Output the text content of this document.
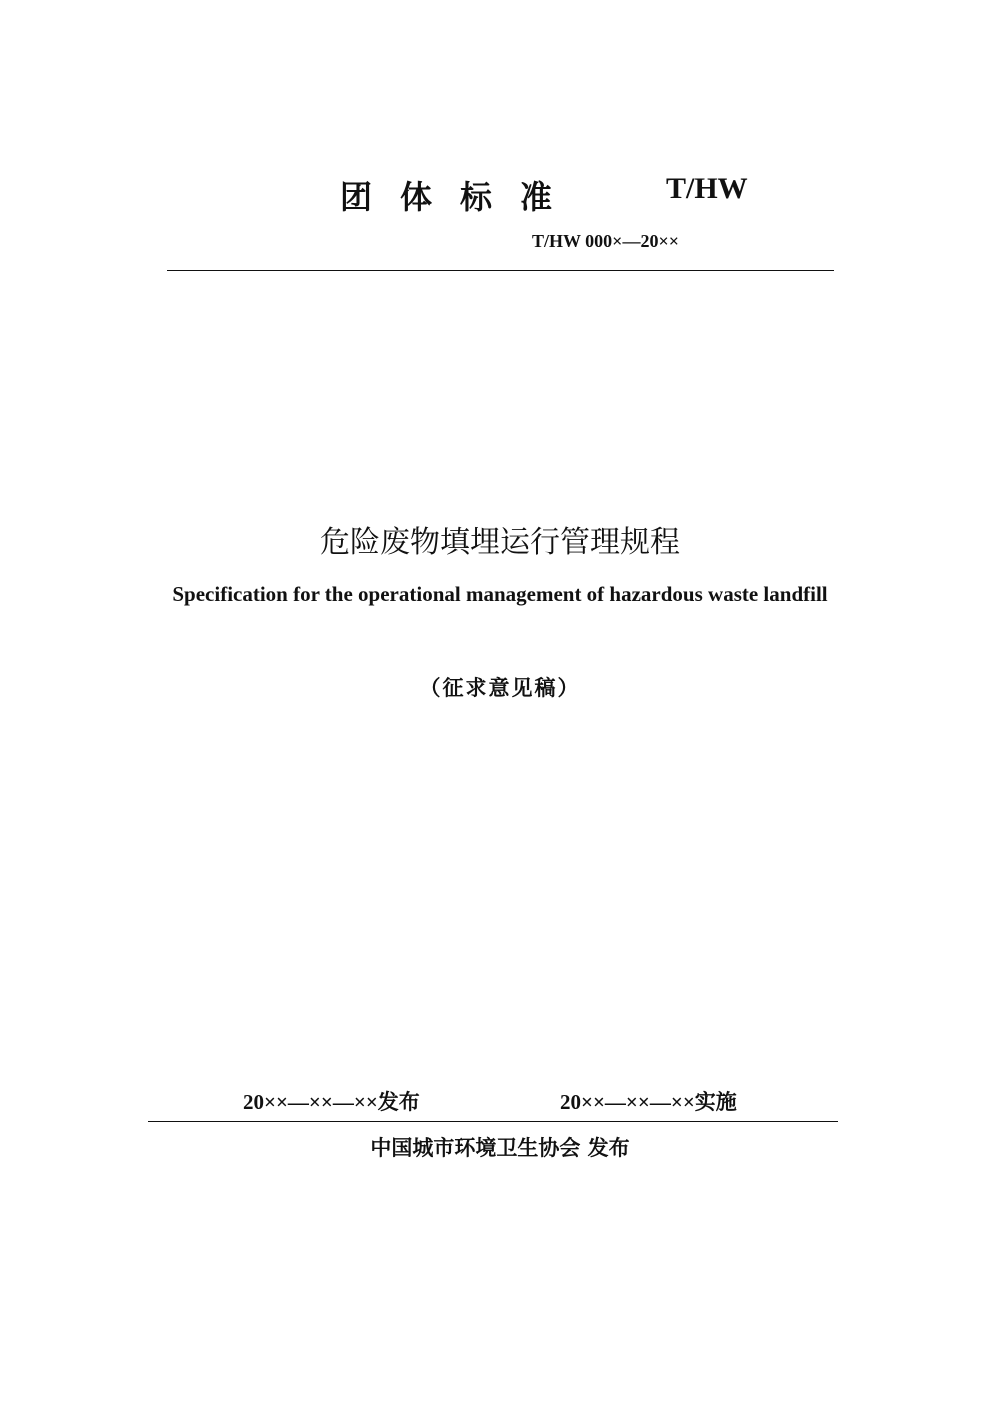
团体标准	T/HW
T/HW 000×—20××
危险废物填埋运行管理规程
Specification for the operational management of hazardous waste landfill
（征求意见稿）
20××—××—××发布	20××—××—××实施
中国城市环境卫生协会 发布
